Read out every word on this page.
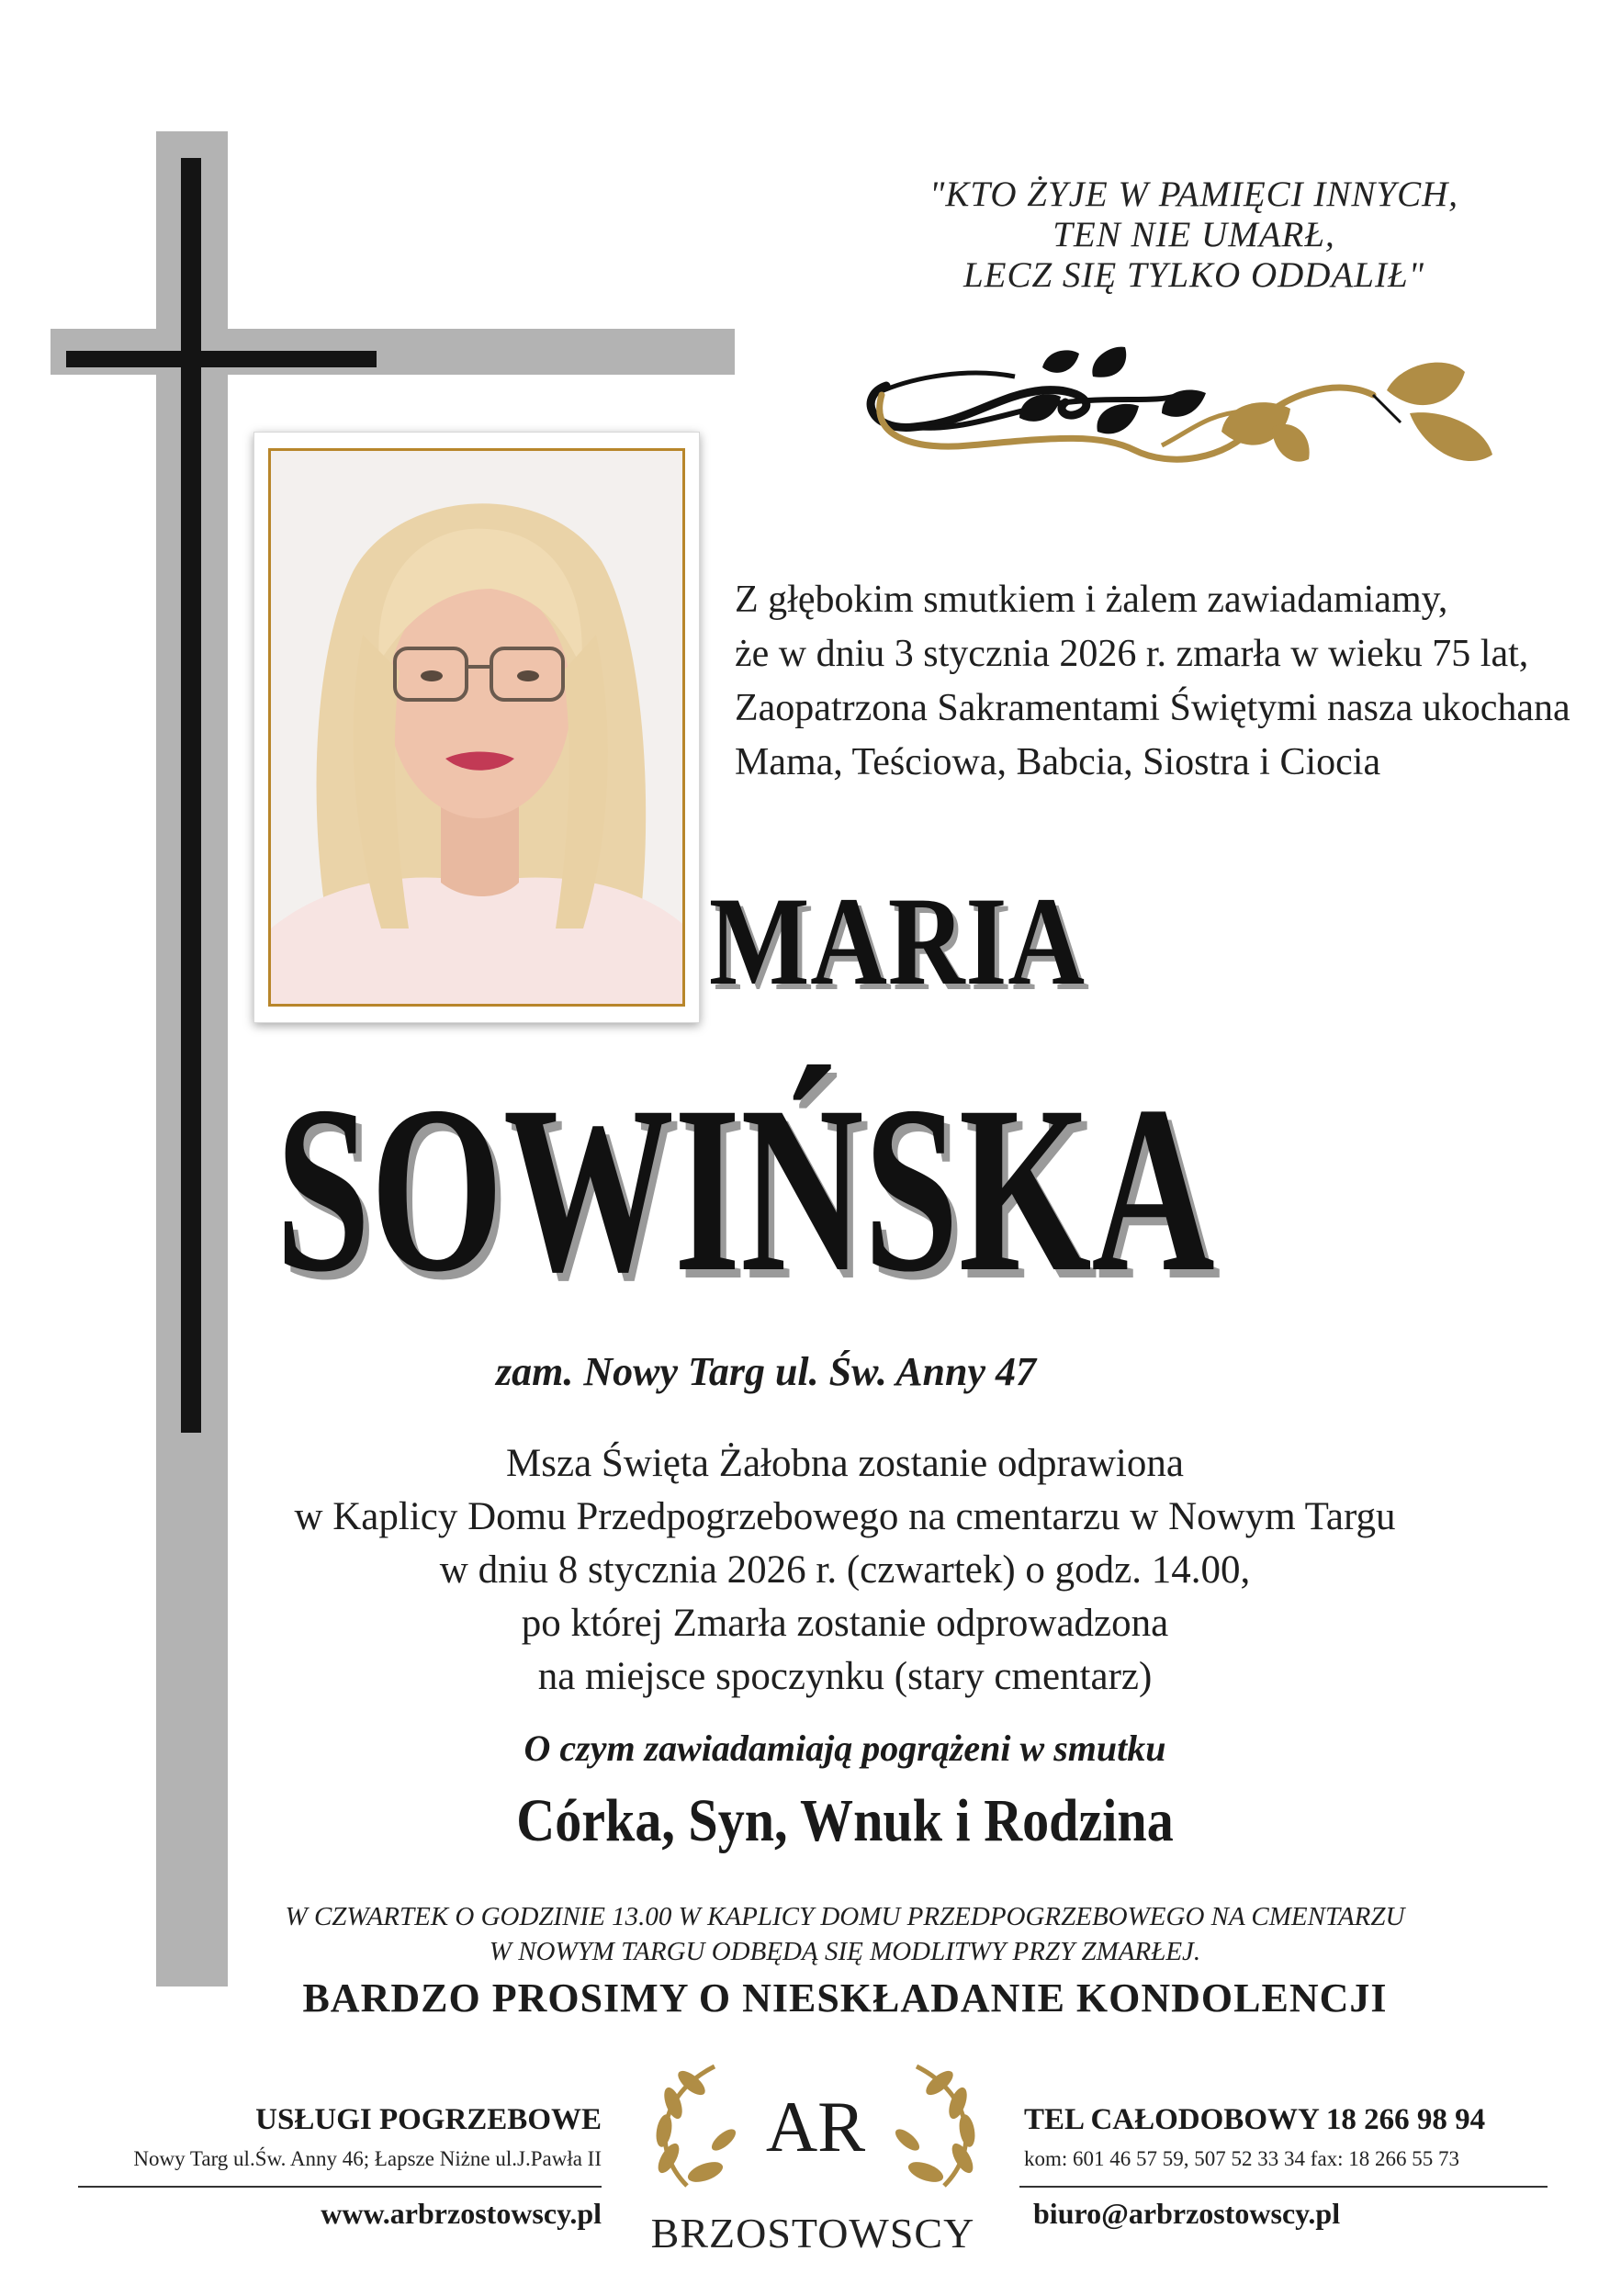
"KTO ŻYJE W PAMIĘCI INNYCH,
TEN NIE UMARŁ,
LECZ SIĘ TYLKO ODDALIŁ"
Z głębokim smutkiem i żalem zawiadamiamy,
że w dniu 3 stycznia 2026 r. zmarła w wieku 75 lat,
Zaopatrzona Sakramentami Świętymi nasza ukochana
Mama, Teściowa, Babcia, Siostra i Ciocia
MARIA
SOWIŃSKA
zam. Nowy Targ ul. Św. Anny 47
Msza Święta Żałobna zostanie odprawiona
w Kaplicy Domu Przedpogrzebowego na cmentarzu w Nowym Targu
w dniu 8 stycznia 2026 r. (czwartek) o godz. 14.00,
po której Zmarła zostanie odprowadzona
na miejsce spoczynku (stary cmentarz)
O czym zawiadamiają pogrążeni w smutku
Córka, Syn, Wnuk i Rodzina
W CZWARTEK O GODZINIE 13.00 W KAPLICY DOMU PRZEDPOGRZEBOWEGO NA CMENTARZU
W NOWYM TARGU ODBĘDĄ SIĘ MODLITWY PRZY ZMARŁEJ.
BARDZO PROSIMY O NIESKŁADANIE KONDOLENCJI
USŁUGI POGRZEBOWE
Nowy Targ ul.Św. Anny 46; Łapsze Niżne ul.J.Pawła II
www.arbrzostowscy.pl
AR
BRZOSTOWSCY
TEL CAŁODOBOWY 18 266 98 94
kom: 601 46 57 59, 507 52 33 34 fax: 18 266 55 73
biuro@arbrzostowscy.pl
